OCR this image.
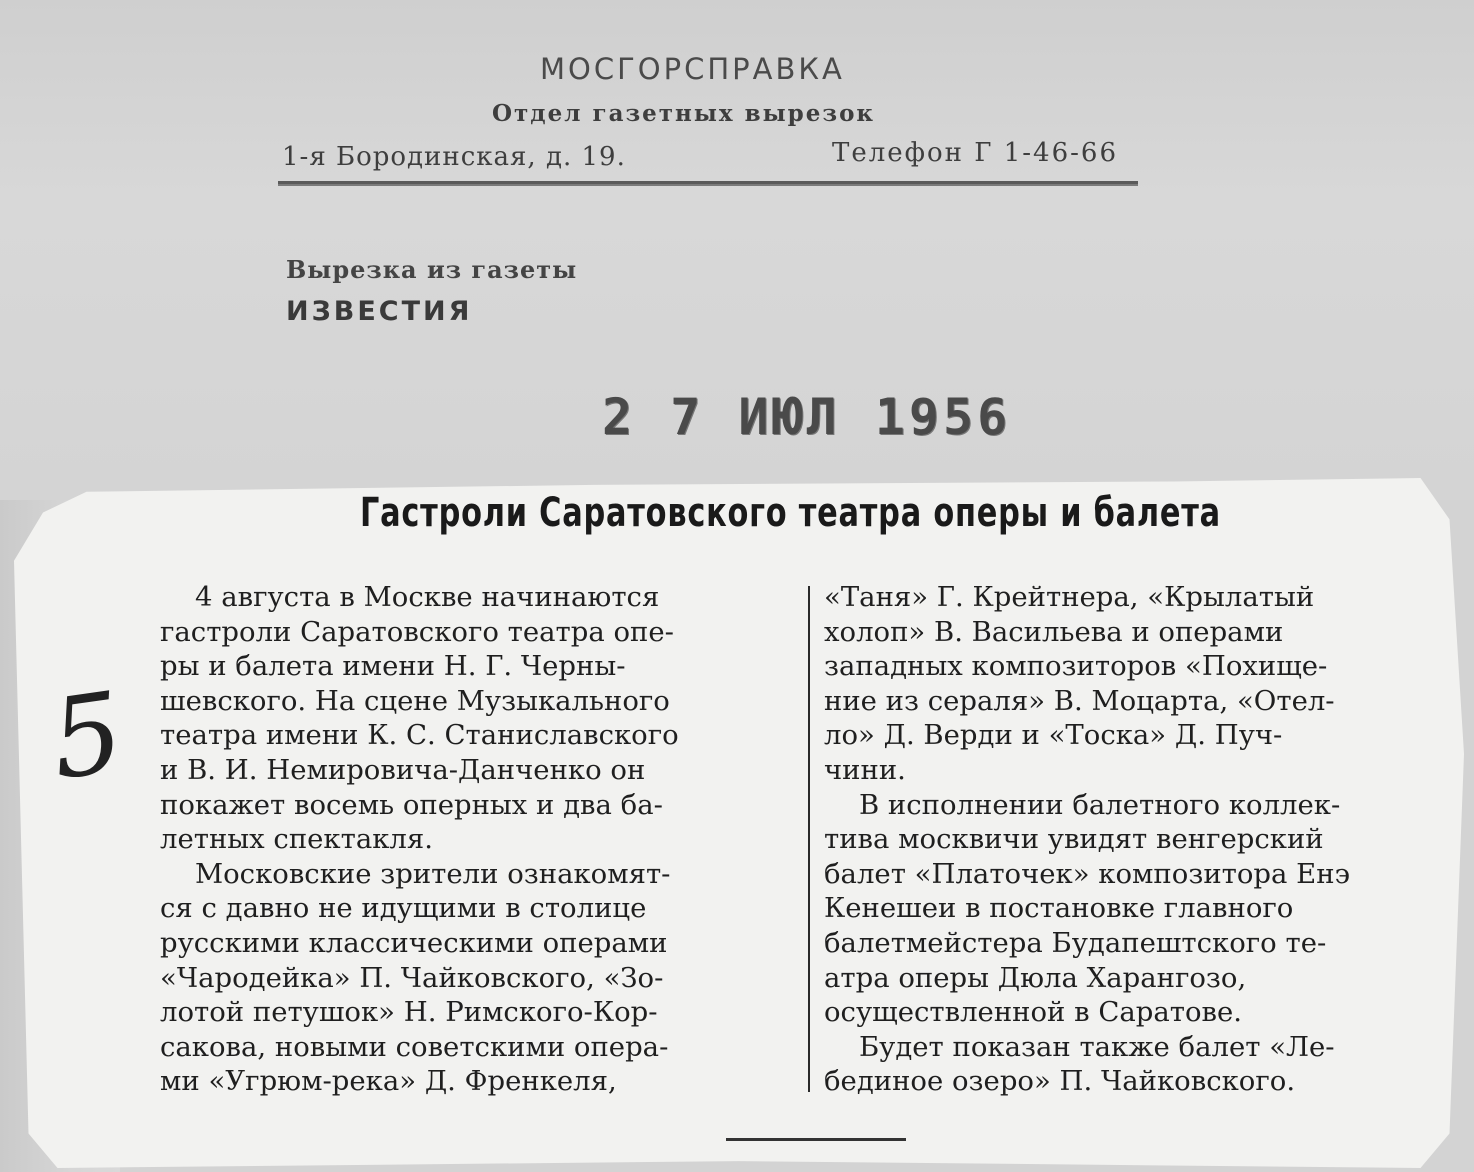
МОСГОРСПРАВКА
Отдел газетных вырезок
1-я Бородинская, д. 19.	Телефон Г 1-46-66
Вырезка из газеты
ИЗВЕСТИЯ
2 7 ИЮЛ 1956
5
Гастроли Саратовского театра оперы и балета
4 августа в Москве начинаются
гастроли Саратовского театра опе-
ры и балета имени Н. Г. Черны-
шевского. На сцене Музыкального
театра имени К. С. Станиславского
и В. И. Немировича-Данченко он
покажет восемь оперных и два ба-
летных спектакля.
Московские зрители ознакомят-
ся с давно не идущими в столице
русскими классическими операми
«Чародейка» П. Чайковского, «Зо-
лотой петушок» Н. Римского-Кор-
сакова, новыми советскими опера-
ми «Угрюм-река» Д. Френкеля,
«Таня» Г. Крейтнера, «Крылатый
холоп» В. Васильева и операми
западных композиторов «Похище-
ние из сераля» В. Моцарта, «Отел-
ло» Д. Верди и «Тоска» Д. Пуч-
чини.
В исполнении балетного коллек-
тива москвичи увидят венгерский
балет «Платочек» композитора Енэ
Кенешеи в постановке главного
балетмейстера Будапештского те-
атра оперы Дюла Харангозо,
осуществленной в Саратове.
Будет показан также балет «Ле-
бединое озеро» П. Чайковского.
